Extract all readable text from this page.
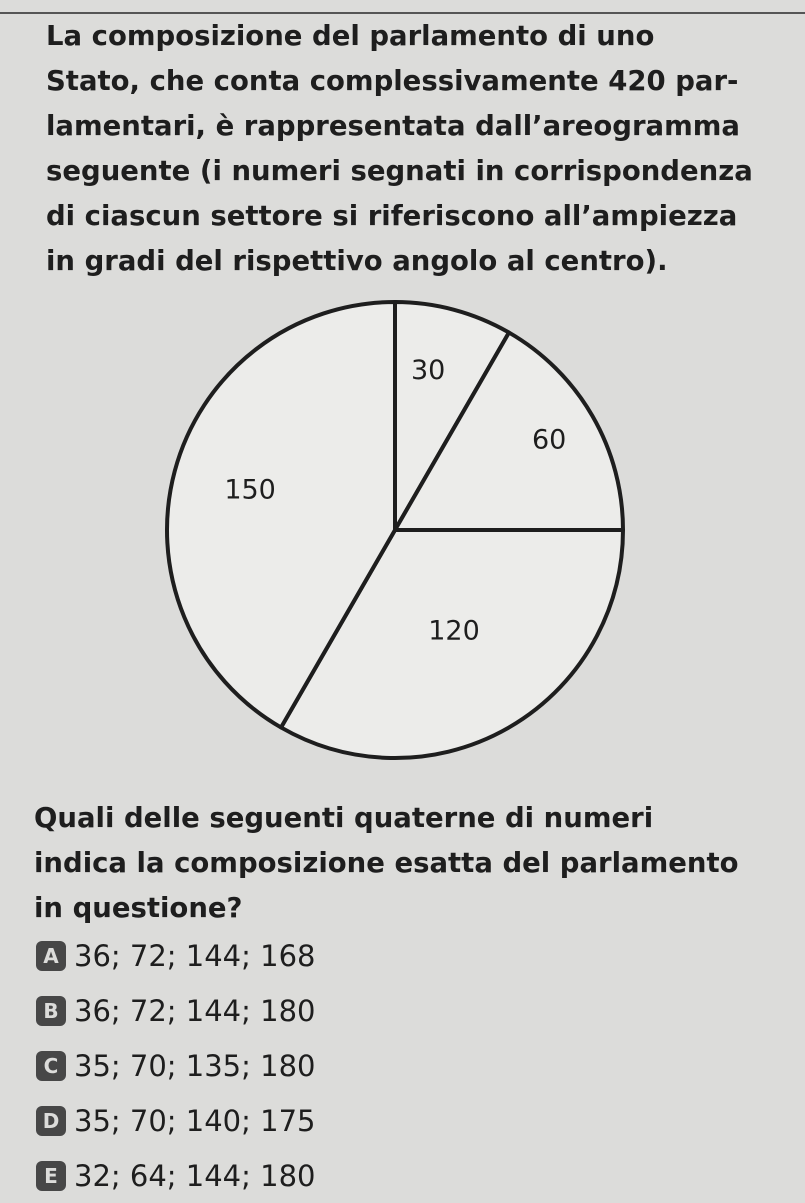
La composizione del parlamento di uno
Stato, che conta complessivamente 420 par-
lamentari, è rappresentata dall’areogramma
seguente (i numeri segnati in corrispondenza
di ciascun settore si riferiscono all’ampiezza
in gradi del rispettivo angolo al centro).
30
60
120
150
Quali delle seguenti quaterne di numeri
indica la composizione esatta del parlamento
in questione?
A 36; 72; 144; 168
B 36; 72; 144; 180
C 35; 70; 135; 180
D 35; 70; 140; 175
E 32; 64; 144; 180
